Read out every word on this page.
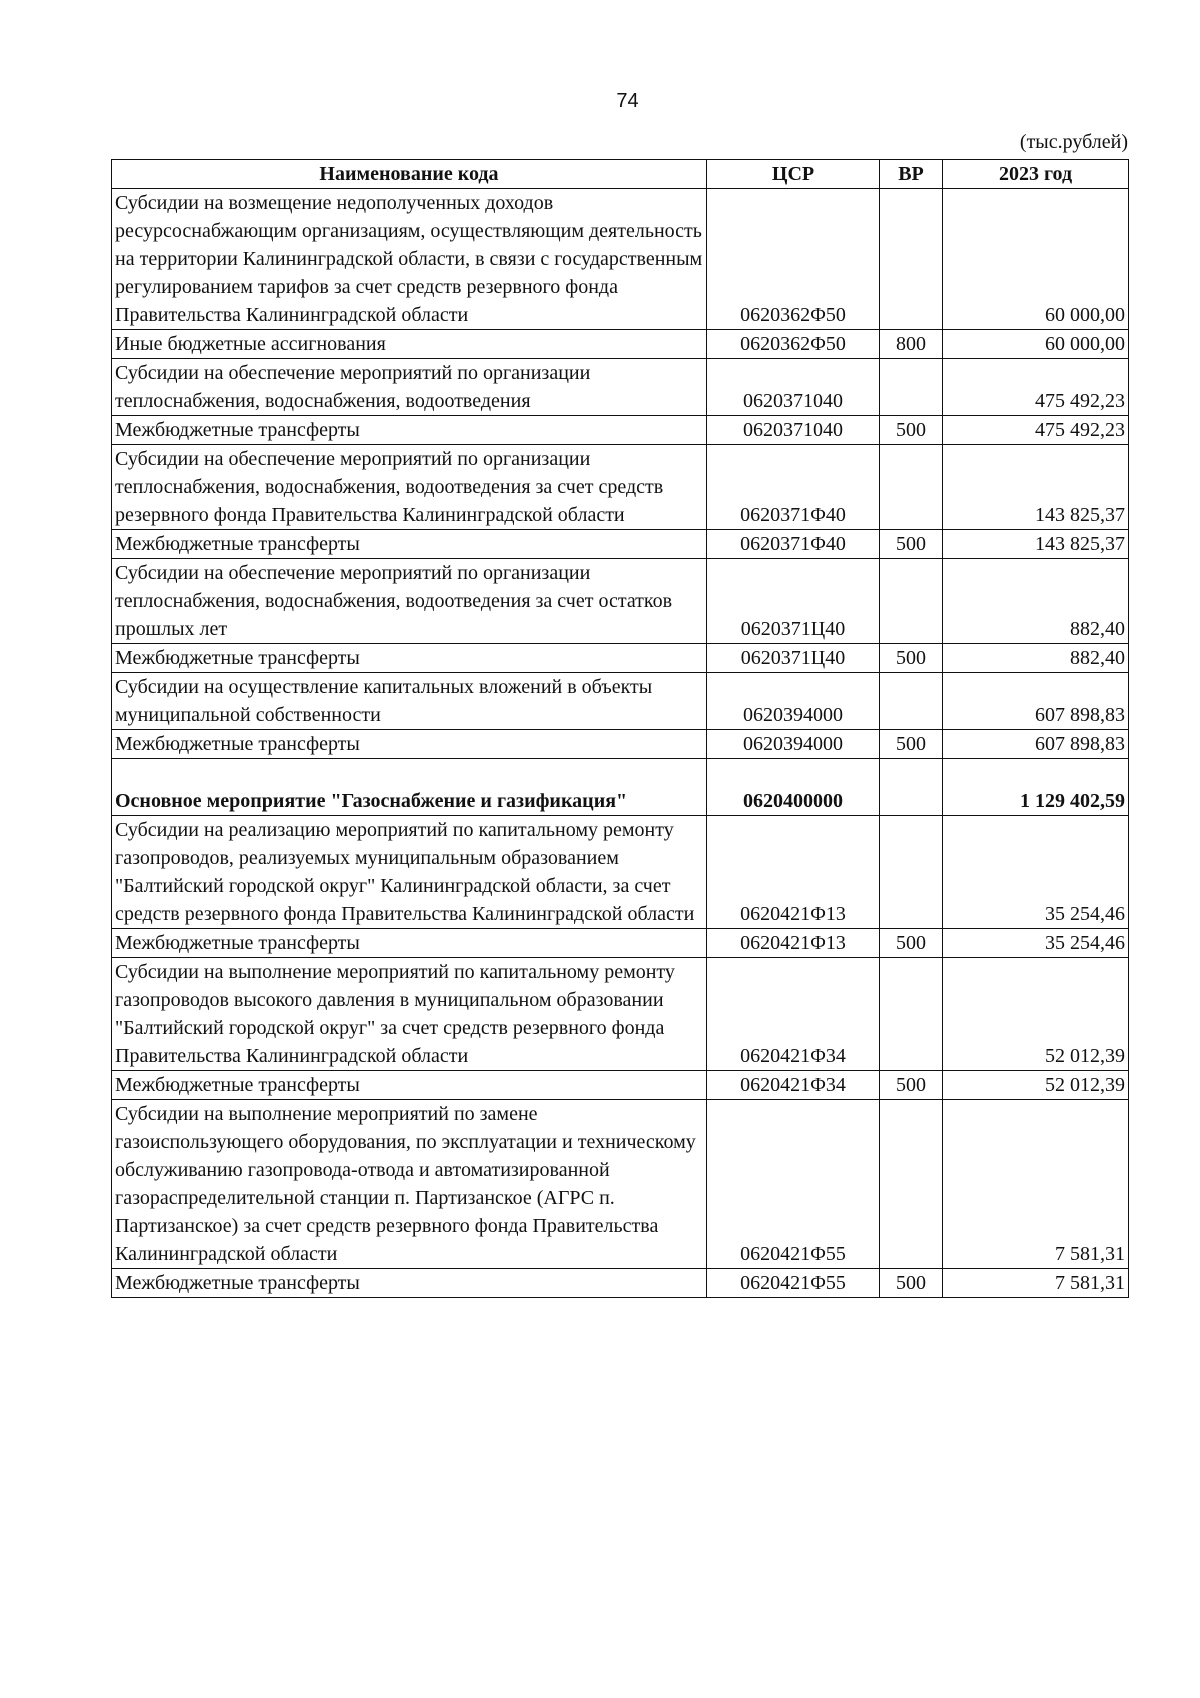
74
(тыс.рублей)
Наименование кода	ЦСР	ВР	2023 год
Субсидии на возмещение недополученных доходов ресурсоснабжающим организациям, осуществляющим деятельность на территории Калининградской области, в связи с государственным регулированием тарифов за счет средств резервного фонда Правительства Калининградской области	0620362Ф50		60 000,00
Иные бюджетные ассигнования	0620362Ф50	800	60 000,00
Субсидии на обеспечение мероприятий по организации теплоснабжения, водоснабжения, водоотведения	0620371040		475 492,23
Межбюджетные трансферты	0620371040	500	475 492,23
Субсидии на обеспечение мероприятий по организации теплоснабжения, водоснабжения, водоотведения за счет средств резервного фонда Правительства Калининградской области	0620371Ф40		143 825,37
Межбюджетные трансферты	0620371Ф40	500	143 825,37
Субсидии на обеспечение мероприятий по организации теплоснабжения, водоснабжения, водоотведения за счет остатков прошлых лет	0620371Ц40		882,40
Межбюджетные трансферты	0620371Ц40	500	882,40
Субсидии на осуществление капитальных вложений в объекты муниципальной собственности	0620394000		607 898,83
Межбюджетные трансферты	0620394000	500	607 898,83
Основное мероприятие "Газоснабжение и газификация"	0620400000		1 129 402,59
Субсидии на реализацию мероприятий по капитальному ремонту газопроводов, реализуемых муниципальным образованием "Балтийский городской округ" Калининградской области, за счет средств резервного фонда Правительства Калининградской области	0620421Ф13		35 254,46
Межбюджетные трансферты	0620421Ф13	500	35 254,46
Субсидии на выполнение мероприятий по капитальному ремонту газопроводов высокого давления в муниципальном образовании "Балтийский городской округ" за счет средств резервного фонда Правительства Калининградской области	0620421Ф34		52 012,39
Межбюджетные трансферты	0620421Ф34	500	52 012,39
Субсидии на выполнение мероприятий по замене газоиспользующего оборудования, по эксплуатации и техническому обслуживанию газопровода-отвода и автоматизированной газораспределительной станции п. Партизанское (АГРС п. Партизанское) за счет средств резервного фонда Правительства Калининградской области	0620421Ф55		7 581,31
Межбюджетные трансферты	0620421Ф55	500	7 581,31
